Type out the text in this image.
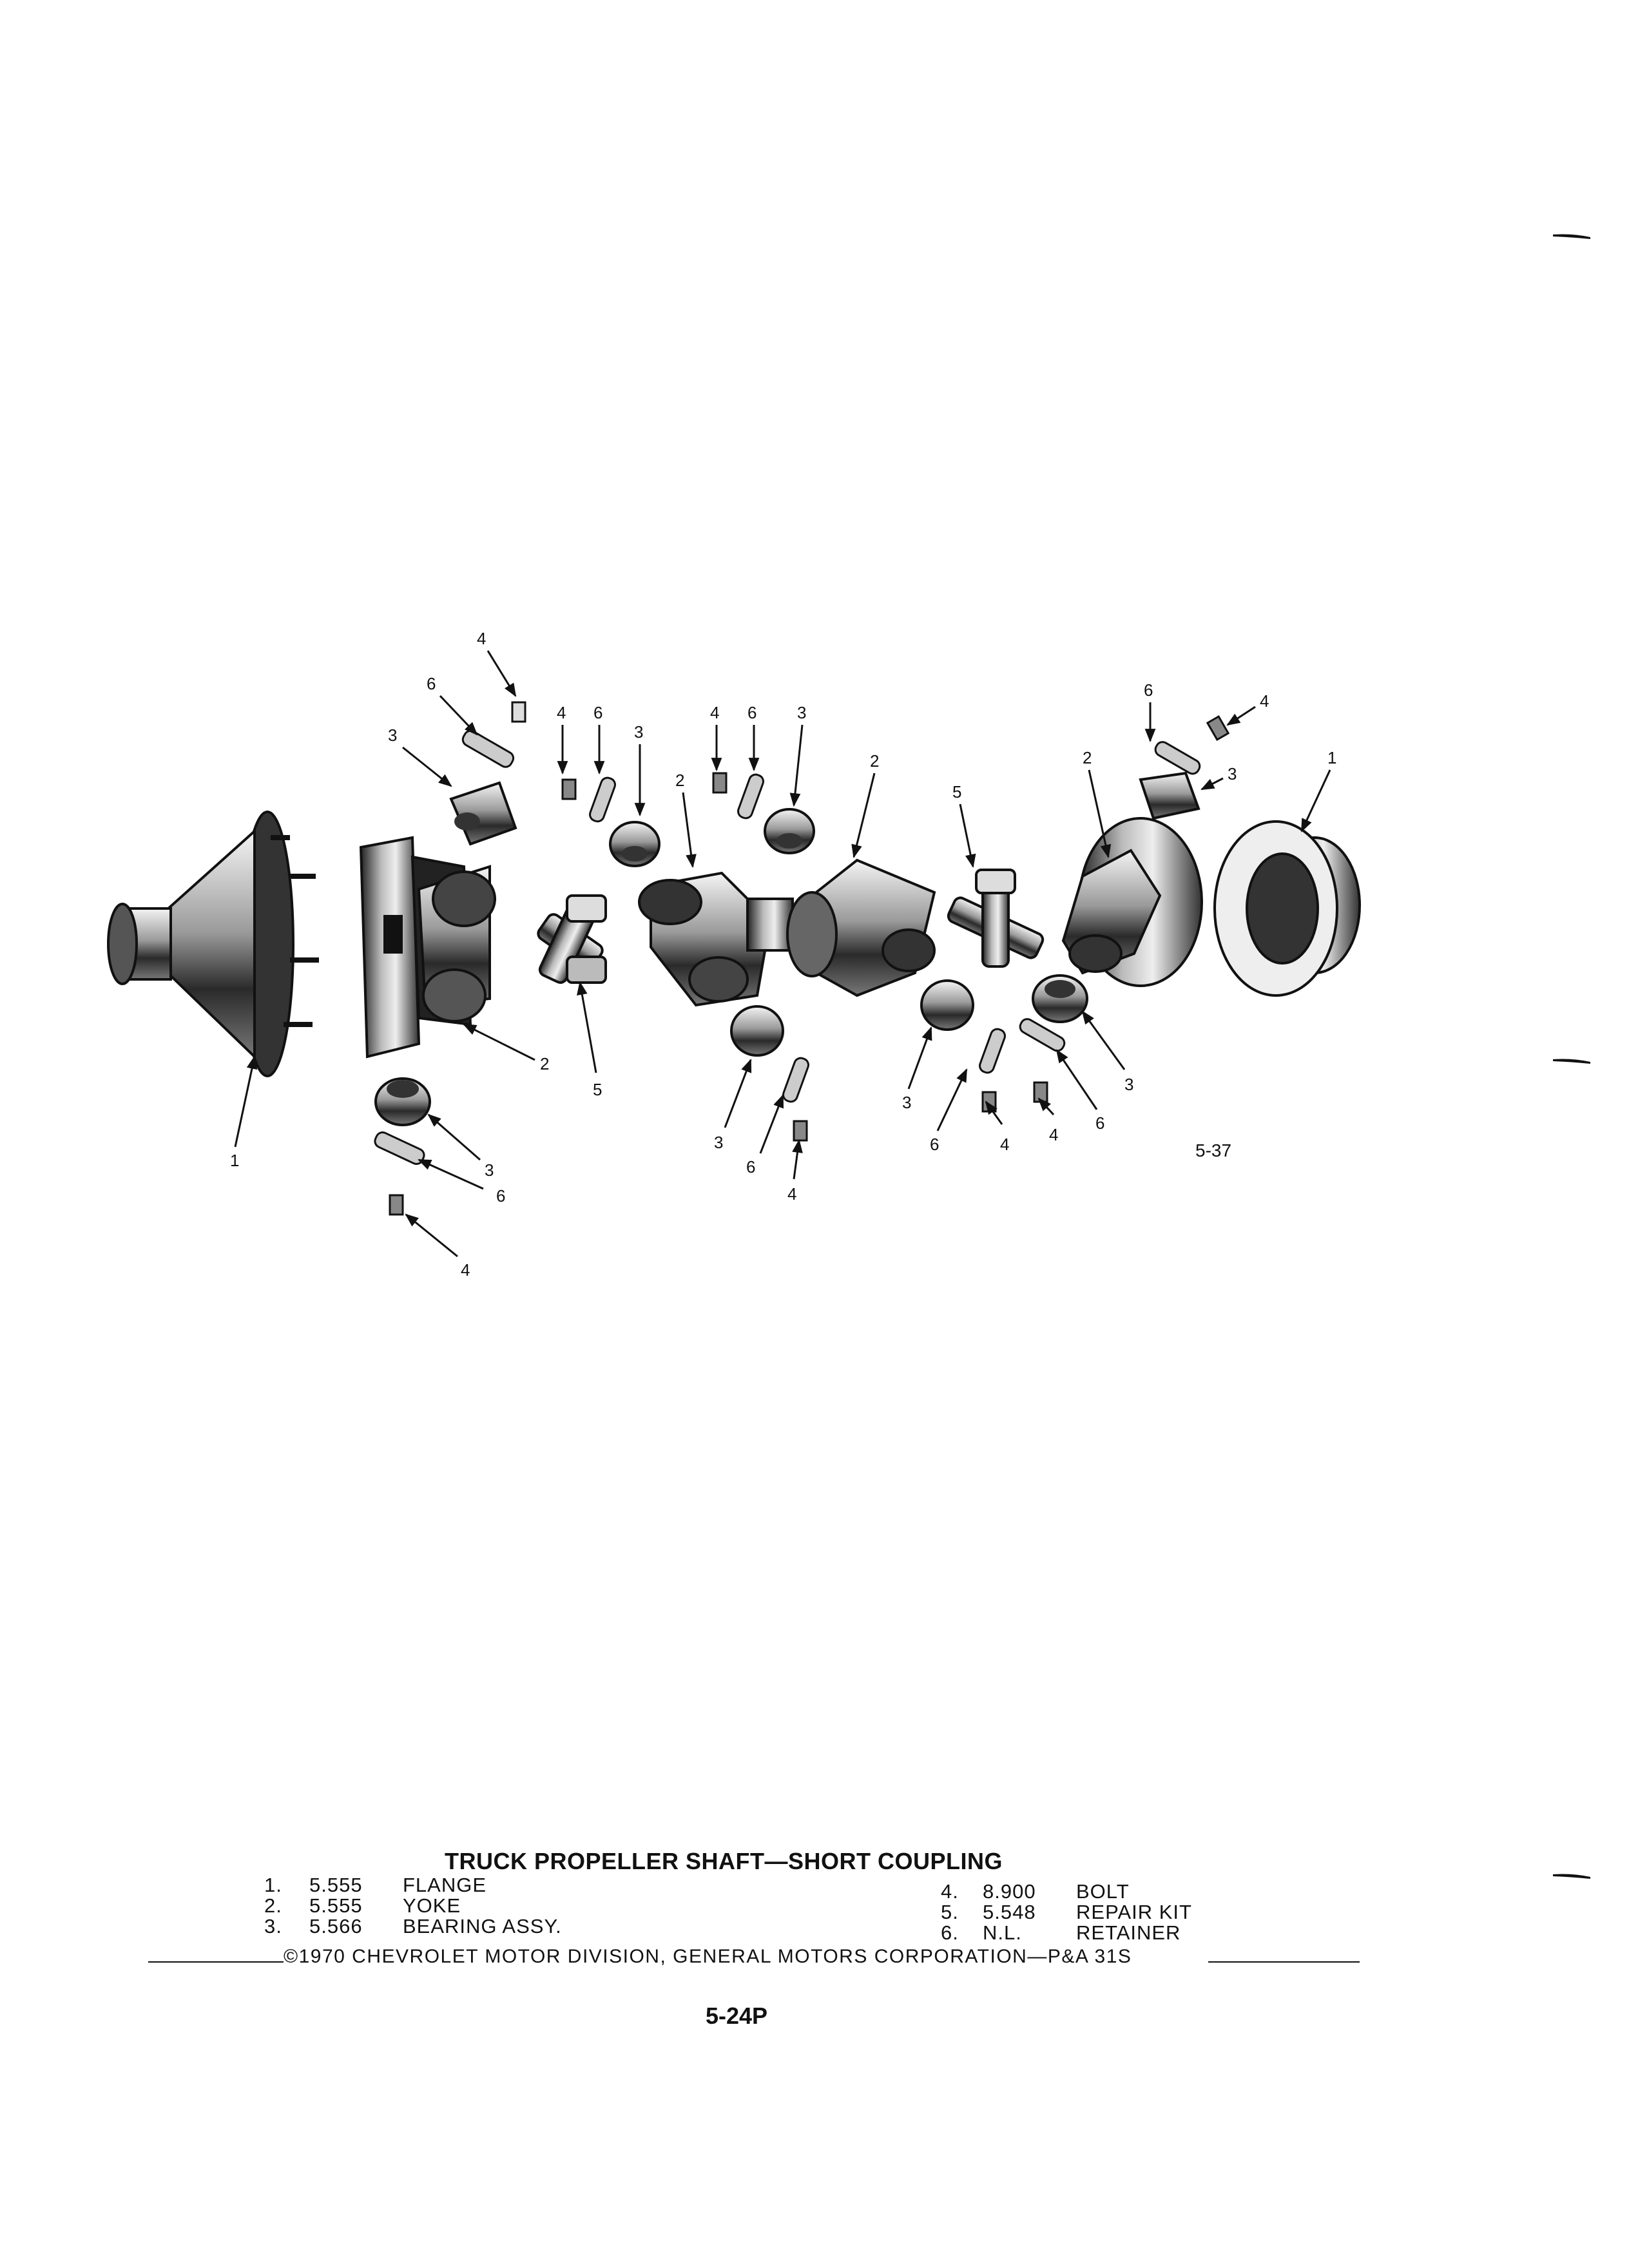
4
6
3
4 6
3
2
4 6 3
2
5
2
6
4
3
1
1
2
5
3
6
4
3
6
4
3
6	4 4
6
3
5-37
TRUCK PROPELLER SHAFT—SHORT COUPLING
1. 5.555 FLANGE
2. 5.555 YOKE
3. 5.566 BEARING ASSY.
4. 8.900 BOLT
5. 5.548 REPAIR KIT
6. N.L.	RETAINER
©1970 CHEVROLET MOTOR DIVISION, GENERAL MOTORS CORPORATION—P&A 31S
5-24P
